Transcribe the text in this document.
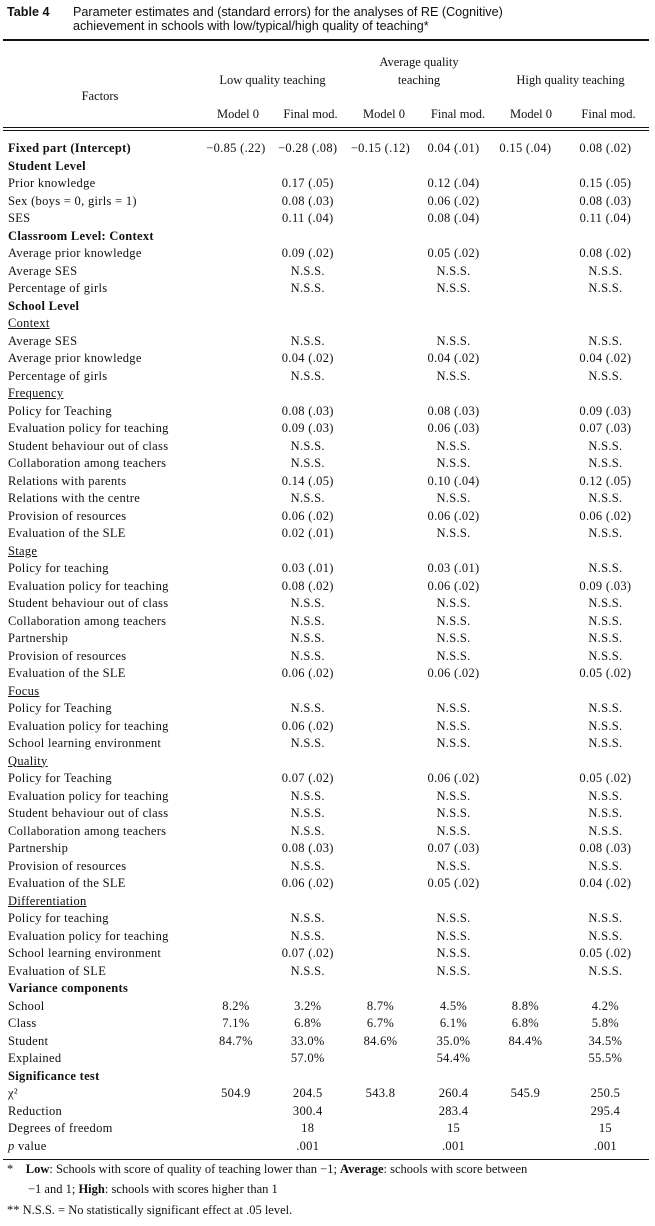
Table 4 Parameter estimates and (standard errors) for the analyses of RE (Cognitive)
achievement in schools with low/typical/high quality of teaching*
Factors
Low quality teaching
Average quality
teaching	High quality teaching
Model 0	Final mod.	Model 0	Final mod.	Model 0	Final mod.
Fixed part (Intercept)	−0.85 (.22)	−0.28 (.08)	−0.15 (.12)	0.04 (.01)	0.15 (.04)	0.08 (.02)
Student Level						
Prior knowledge		0.17 (.05)		0.12 (.04)		0.15 (.05)
Sex (boys = 0, girls = 1)		0.08 (.03)		0.06 (.02)		0.08 (.03)
SES		0.11 (.04)		0.08 (.04)		0.11 (.04)
Classroom Level: Context						
Average prior knowledge		0.09 (.02)		0.05 (.02)		0.08 (.02)
Average SES		N.S.S.		N.S.S.		N.S.S.
Percentage of girls		N.S.S.		N.S.S.		N.S.S.
School Level						
Context						
Average SES		N.S.S.		N.S.S.		N.S.S.
Average prior knowledge		0.04 (.02)		0.04 (.02)		0.04 (.02)
Percentage of girls		N.S.S.		N.S.S.		N.S.S.
Frequency						
Policy for Teaching		0.08 (.03)		0.08 (.03)		0.09 (.03)
Evaluation policy for teaching		0.09 (.03)		0.06 (.03)		0.07 (.03)
Student behaviour out of class		N.S.S.		N.S.S.		N.S.S.
Collaboration among teachers		N.S.S.		N.S.S.		N.S.S.
Relations with parents		0.14 (.05)		0.10 (.04)		0.12 (.05)
Relations with the centre		N.S.S.		N.S.S.		N.S.S.
Provision of resources		0.06 (.02)		0.06 (.02)		0.06 (.02)
Evaluation of the SLE		0.02 (.01)		N.S.S.		N.S.S.
Stage						
Policy for teaching		0.03 (.01)		0.03 (.01)		N.S.S.
Evaluation policy for teaching		0.08 (.02)		0.06 (.02)		0.09 (.03)
Student behaviour out of class		N.S.S.		N.S.S.		N.S.S.
Collaboration among teachers		N.S.S.		N.S.S.		N.S.S.
Partnership		N.S.S.		N.S.S.		N.S.S.
Provision of resources		N.S.S.		N.S.S.		N.S.S.
Evaluation of the SLE		0.06 (.02)		0.06 (.02)		0.05 (.02)
Focus						
Policy for Teaching		N.S.S.		N.S.S.		N.S.S.
Evaluation policy for teaching		0.06 (.02)		N.S.S.		N.S.S.
School learning environment		N.S.S.		N.S.S.		N.S.S.
Quality						
Policy for Teaching		0.07 (.02)		0.06 (.02)		0.05 (.02)
Evaluation policy for teaching		N.S.S.		N.S.S.		N.S.S.
Student behaviour out of class		N.S.S.		N.S.S.		N.S.S.
Collaboration among teachers		N.S.S.		N.S.S.		N.S.S.
Partnership		0.08 (.03)		0.07 (.03)		0.08 (.03)
Provision of resources		N.S.S.		N.S.S.		N.S.S.
Evaluation of the SLE		0.06 (.02)		0.05 (.02)		0.04 (.02)
Differentiation						
Policy for teaching		N.S.S.		N.S.S.		N.S.S.
Evaluation policy for teaching		N.S.S.		N.S.S.		N.S.S.
School learning environment		0.07 (.02)		N.S.S.		0.05 (.02)
Evaluation of SLE		N.S.S.		N.S.S.		N.S.S.
Variance components						
School	8.2%	3.2%	8.7%	4.5%	8.8%	4.2%
Class	7.1%	6.8%	6.7%	6.1%	6.8%	5.8%
Student	84.7%	33.0%	84.6%	35.0%	84.4%	34.5%
Explained		57.0%		54.4%		55.5%
Significance test						
χ²	504.9	204.5	543.8	260.4	545.9	250.5
Reduction		300.4		283.4		295.4
Degrees of freedom		18		15		15
p value		.001		.001		.001
* Low: Schools with score of quality of teaching lower than −1; Average: schools with score between
−1 and 1; High: schools with scores higher than 1
** N.S.S. = No statistically significant effect at .05 level.
